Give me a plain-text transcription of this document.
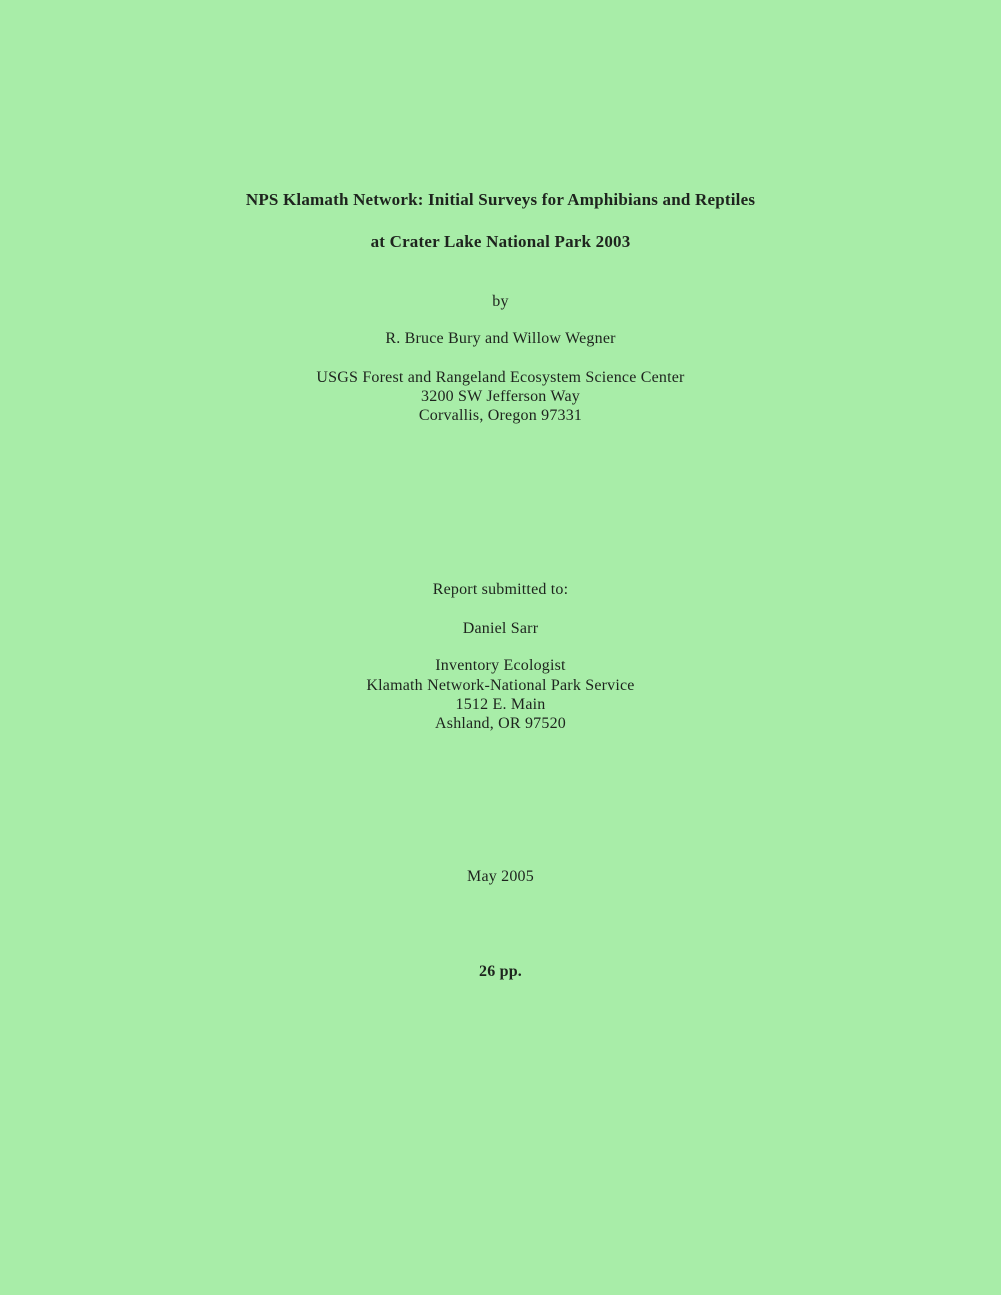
NPS Klamath Network: Initial Surveys for Amphibians and Reptiles
at Crater Lake National Park 2003
by
R. Bruce Bury and Willow Wegner
USGS Forest and Rangeland Ecosystem Science Center
3200 SW Jefferson Way
Corvallis, Oregon 97331
Report submitted to:
Daniel Sarr
Inventory Ecologist
Klamath Network-National Park Service
1512 E. Main
Ashland, OR 97520
May 2005
26 pp.
